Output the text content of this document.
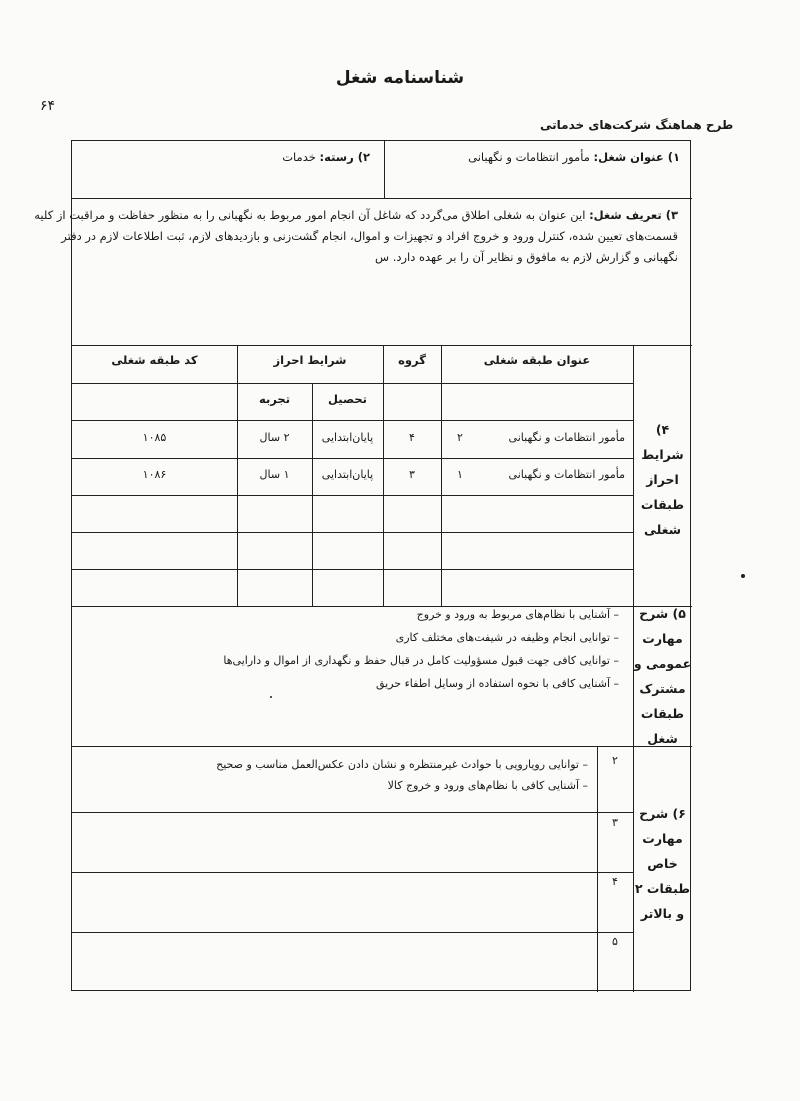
شناسنامه شغل
۶۴
طرح هماهنگ شرکت‌های خدماتی
۱) عنوان شغل: مأمور انتظامات و نگهبانی
۲) رسته: خدمات
۳) تعریف شغل: این عنوان به شغلی اطلاق می‌گردد که شاغل آن انجام امور مربوط به نگهبانی را به منظور حفاظت و مراقبت از کلیه
قسمت‌های تعیین شده، کنترل ورود و خروج افراد و تجهیزات و اموال، انجام گشت‌زنی و بازدیدهای لازم، ثبت اطلاعات لازم در دفتر
نگهبانی و گزارش لازم به مافوق و نظایر آن را بر عهده دارد. س
۴) شرایط
احراز
طبقات
شغلی
عنوان طبقه شغلی
گروه
شرایط احراز
کد طبقه شغلی
تحصیل
تجربه
مأمور انتظامات و نگهبانی
۲
۴
پایان‌ابتدایی
۲ سال
۱۰۸۵
مأمور انتظامات و نگهبانی
۱
۳
پایان‌ابتدایی
۱ سال
۱۰۸۶
۵) شرح
مهارت
عمومی و
مشترک
طبقات
شغل
– آشنایی با نظام‌های مربوط به ورود و خروج
– توانایی انجام وظیفه در شیفت‌های مختلف کاری
– توانایی کافی جهت قبول مسؤولیت کامل در قبال حفظ و نگهداری از اموال و دارایی‌ها
– آشنایی کافی با نحوه استفاده از وسایل اطفاء حریق
۶) شرح
مهارت
خاص
طبقات ۲
و بالاتر
۲
۳
۴
۵
– توانایی رویارویی با حوادث غیرمنتظره و نشان دادن عکس‌العمل مناسب و صحیح
– آشنایی کافی با نظام‌های ورود و خروج کالا
